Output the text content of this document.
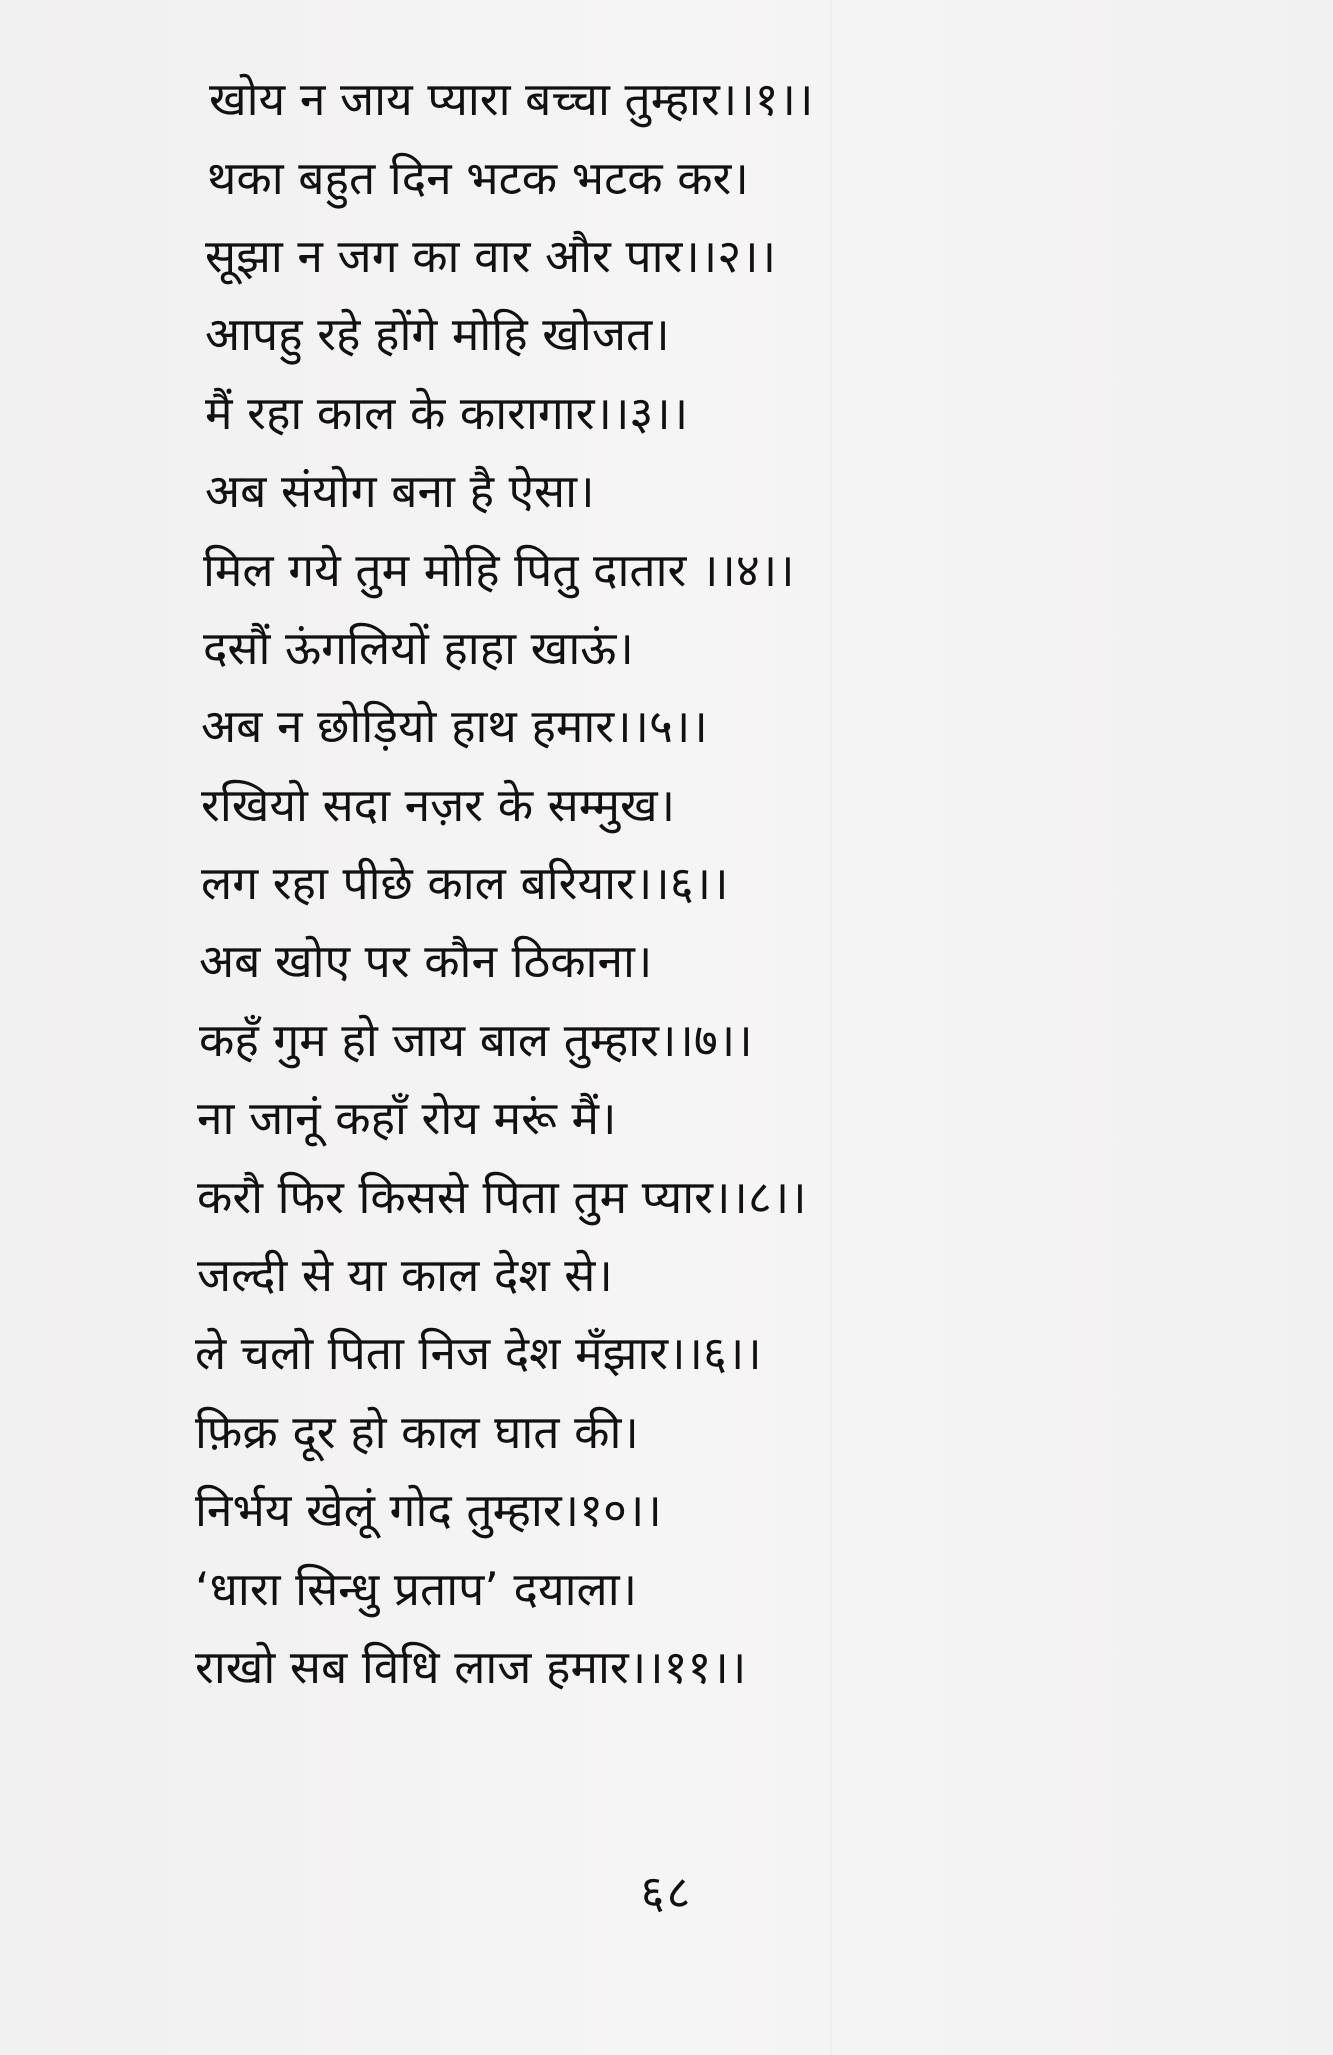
खोय न जाय प्यारा बच्चा तुम्हार।।१।।
थका बहुत दिन भटक भटक कर।
सूझा न जग का वार और पार।।२।।
आपहु रहे होंगे मोहि खोजत।
मैं रहा काल के कारागार।।३।।
अब संयोग बना है ऐसा।
मिल गये तुम मोहि पितु दातार ।।४।।
दसौं ऊंगलियों हाहा खाऊं।
अब न छोड़ियो हाथ हमार।।५।।
रखियो सदा नज़र के सम्मुख।
लग रहा पीछे काल बरियार।।६।।
अब खोए पर कौन ठिकाना।
कहँ गुम हो जाय बाल तुम्हार।।७।।
ना जानूं कहाँ रोय मरूं मैं।
करौ फिर किससे पिता तुम प्यार।।८।।
जल्दी से या काल देश से।
ले चलो पिता निज देश मँझार।।६।।
फ़िक्र दूर हो काल घात की।
निर्भय खेलूं गोद तुम्हार।१०।।
‘धारा सिन्धु प्रताप’ दयाला।
राखो सब विधि लाज हमार।।११।।
६८
